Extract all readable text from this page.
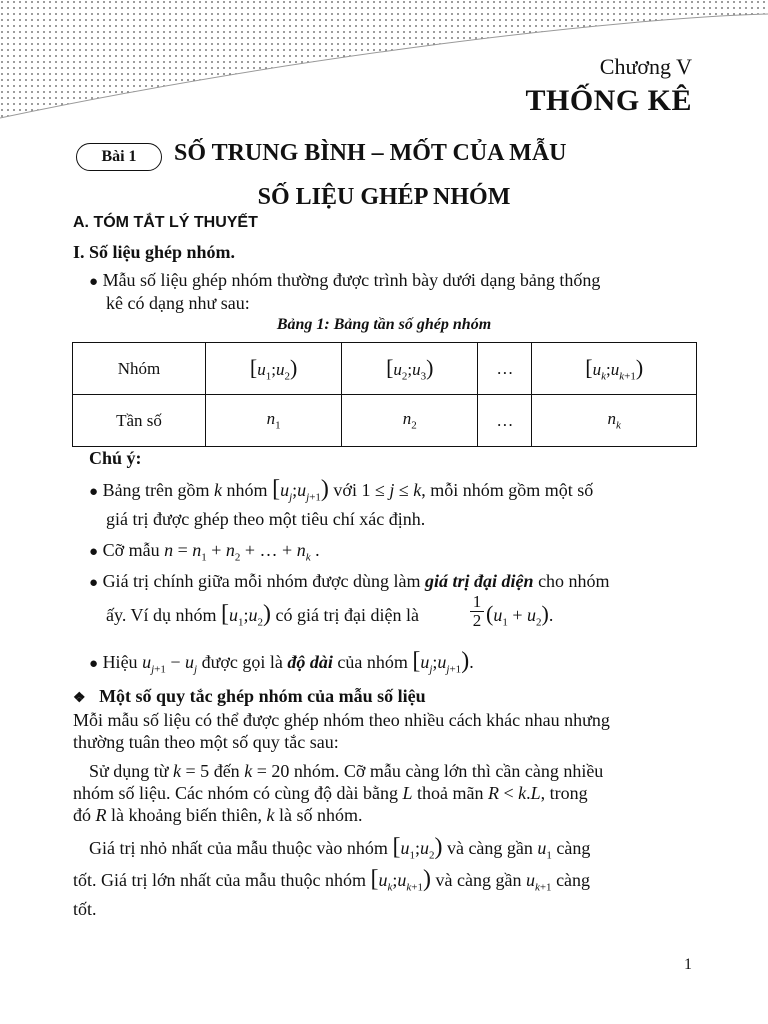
Chương V
THỐNG KÊ
Bài 1	SỐ TRUNG BÌNH – MỐT CỦA MẪU
SỐ LIỆU GHÉP NHÓM
A. TÓM TẮT LÝ THUYẾT
I. Số liệu ghép nhóm.
● Mẫu số liệu ghép nhóm thường được trình bày dưới dạng bảng thống
kê có dạng như sau:
Bảng 1: Bảng tần số ghép nhóm
Nhóm	$[u_1;u_2)$	$[u_2;u_3)$	…	$[u_k;u_{k+1})$
Tần số	$n_1$	$n_2$	…	$n_k$
Chú ý:
● Bảng trên gồm k nhóm $[u_j;u_{j+1})$ với 1 ≤ j ≤ k, mỗi nhóm gồm một số
giá trị được ghép theo một tiêu chí xác định.
● Cỡ mẫu $n = n_1 + n_2$ + … + $n_k$ .
● Giá trị chính giữa mỗi nhóm được dùng làm giá trị đại diện cho nhóm
ấy. Ví dụ nhóm $[u_1;u_2)$ có giá trị đại diện là
1
2 $(u_1 + u_2)$.
● Hiệu $u_{j+1} - u_j$ được gọi là độ dài của nhóm $[u_j;u_{j+1})$.
❖ Một số quy tắc ghép nhóm của mẫu số liệu
Mỗi mẫu số liệu có thể được ghép nhóm theo nhiều cách khác nhau nhưng
thường tuân theo một số quy tắc sau:
Sử dụng từ k = 5 đến k = 20 nhóm. Cỡ mẫu càng lớn thì cần càng nhiều
nhóm số liệu. Các nhóm có cùng độ dài bằng L thoả mãn R < k.L, trong
đó R là khoảng biến thiên, k là số nhóm.
Giá trị nhỏ nhất của mẫu thuộc vào nhóm $[u_1;u_2)$ và càng gần $u_1$ càng
tốt. Giá trị lớn nhất của mẫu thuộc nhóm $[u_k;u_{k+1})$ và càng gần $u_{k+1}$ càng
tốt.
1
